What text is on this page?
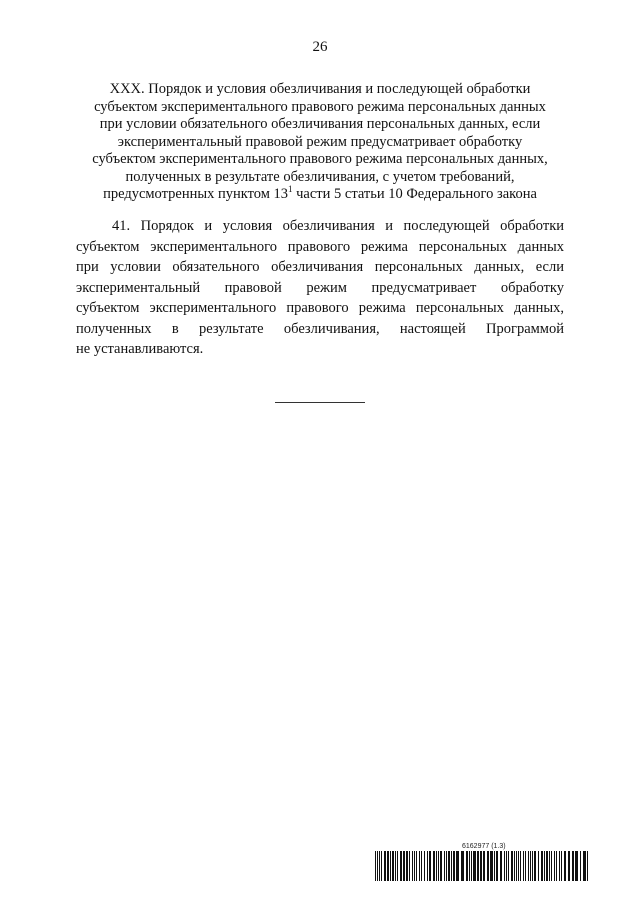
26
XXX. Порядок и условия обезличивания и последующей обработки
субъектом экспериментального правового режима персональных данных
при условии обязательного обезличивания персональных данных, если
экспериментальный правовой режим предусматривает обработку
субъектом экспериментального правового режима персональных данных,
полученных в результате обезличивания, с учетом требований,
предусмотренных пунктом $13^1$ части 5 статьи 10 Федерального закона
41. Порядок и условия обезличивания и последующей обработки
субъектом экспериментального правового режима персональных данных
при условии обязательного обезличивания персональных данных, если
экспериментальный правовой режим предусматривает обработку
субъектом экспериментального правового режима персональных данных,
полученных в результате обезличивания, настоящей Программой
не устанавливаются.
6162977 (1.3)
